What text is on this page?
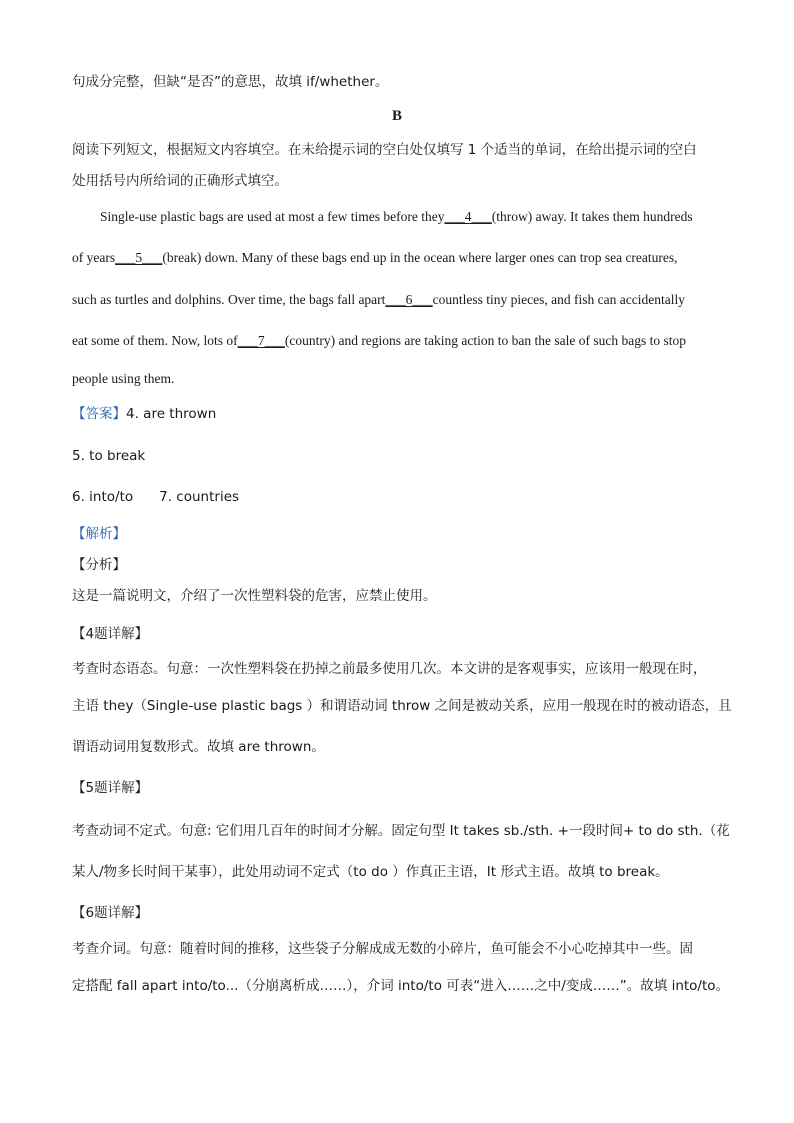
句成分完整，但缺“是否”的意思，故填 if/whether。
B
阅读下列短文，根据短文内容填空。在未给提示词的空白处仅填写 1 个适当的单词，在给出提示词的空白
处用括号内所给词的正确形式填空。
Single-use plastic bags are used at most a few times before they___4___(throw) away. It takes them hundreds
of years___5___(break) down. Many of these bags end up in the ocean where larger ones can trop sea creatures,
such as turtles and dolphins. Over time, the bags fall apart___6___countless tiny pieces, and fish can accidentally
eat some of them. Now, lots of___7___(country) and regions are taking action to ban the sale of such bags to stop
people using them.
【答案】4. are thrown
5. to break
6. into/to 7. countries
【解析】
【分析】
这是一篇说明文，介绍了一次性塑料袋的危害，应禁止使用。
【4题详解】
考查时态语态。句意：一次性塑料袋在扔掉之前最多使用几次。本文讲的是客观事实，应该用一般现在时，
主语 they（Single-use plastic bags ）和谓语动词 throw 之间是被动关系，应用一般现在时的被动语态，且
谓语动词用复数形式。故填 are thrown。
【5题详解】
考查动词不定式。句意: 它们用几百年的时间才分解。固定句型 It takes sb./sth. +一段时间+ to do sth.（花
某人/物多长时间干某事），此处用动词不定式（to do ）作真正主语，It 形式主语。故填 to break。
【6题详解】
考查介词。句意：随着时间的推移，这些袋子分解成成无数的小碎片，鱼可能会不小心吃掉其中一些。固
定搭配 fall apart into/to...（分崩离析成……），介词 into/to 可表“进入……之中/变成……”。故填 into/to。
